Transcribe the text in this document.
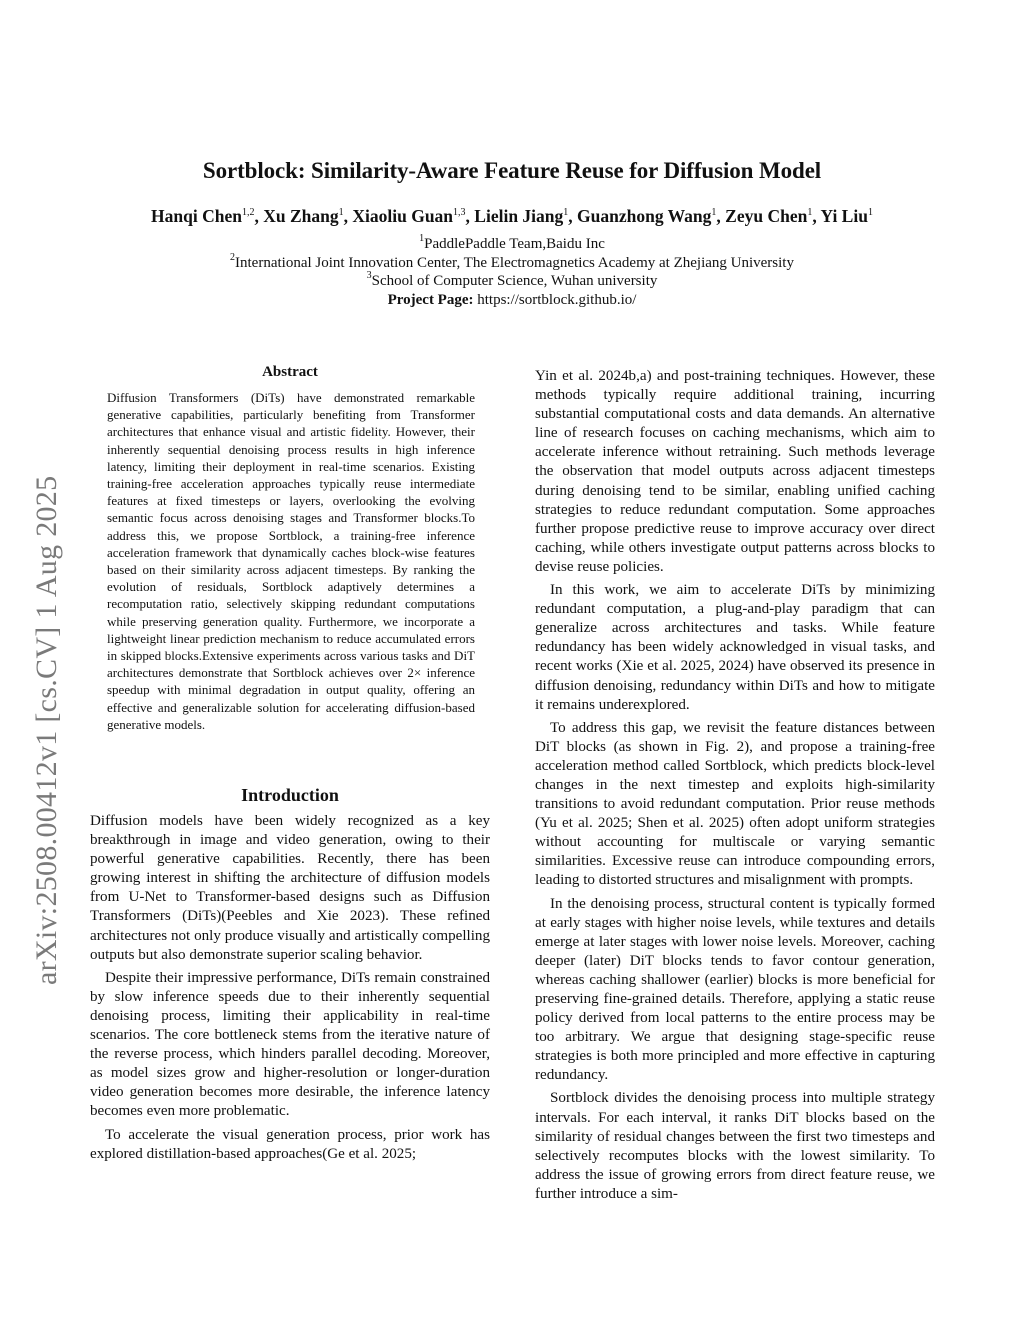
Sortblock: Similarity-Aware Feature Reuse for Diffusion Model
Hanqi Chen$^{1,2}$, Xu Zhang$^1$, Xiaoliu Guan$^{1,3}$, Lielin Jiang$^1$, Guanzhong Wang$^1$, Zeyu Chen$^1$, Yi Liu$^1$
$^1$PaddlePaddle Team,Baidu Inc
$^2$International Joint Innovation Center, The Electromagnetics Academy at Zhejiang University
$^3$School of Computer Science, Wuhan university
Project Page: https://sortblock.github.io/
arXiv:2508.00412v1 [cs.CV] 1 Aug 2025
Abstract
Diffusion Transformers (DiTs) have demonstrated remarkable generative capabilities, particularly benefiting from Transformer architectures that enhance visual and artistic fidelity. However, their inherently sequential denoising process results in high inference latency, limiting their deployment in real-time scenarios. Existing training-free acceleration approaches typically reuse intermediate features at fixed timesteps or layers, overlooking the evolving semantic focus across denoising stages and Transformer blocks.To address this, we propose Sortblock, a training-free inference acceleration framework that dynamically caches block-wise features based on their similarity across adjacent timesteps. By ranking the evolution of residuals, Sortblock adaptively determines a recomputation ratio, selectively skipping redundant computations while preserving generation quality. Furthermore, we incorporate a lightweight linear prediction mechanism to reduce accumulated errors in skipped blocks.Extensive experiments across various tasks and DiT architectures demonstrate that Sortblock achieves over 2× inference speedup with minimal degradation in output quality, offering an effective and generalizable solution for accelerating diffusion-based generative models.
Introduction

Diffusion models have been widely recognized as a key breakthrough in image and video generation, owing to their powerful generative capabilities. Recently, there has been growing interest in shifting the architecture of diffusion models from U-Net to Transformer-based designs such as Diffusion Transformers (DiTs)(Peebles and Xie 2023). These refined architectures not only produce visually and artistically compelling outputs but also demonstrate superior scaling behavior.

Despite their impressive performance, DiTs remain constrained by slow inference speeds due to their inherently sequential denoising process, limiting their applicability in real-time scenarios. The core bottleneck stems from the iterative nature of the reverse process, which hinders parallel decoding. Moreover, as model sizes grow and higher-resolution or longer-duration video generation becomes more desirable, the inference latency becomes even more problematic.

To accelerate the visual generation process, prior work has explored distillation-based approaches(Ge et al. 2025;

Yin et al. 2024b,a) and post-training techniques. However, these methods typically require additional training, incurring substantial computational costs and data demands. An alternative line of research focuses on caching mechanisms, which aim to accelerate inference without retraining. Such methods leverage the observation that model outputs across adjacent timesteps during denoising tend to be similar, enabling unified caching strategies to reduce redundant computation. Some approaches further propose predictive reuse to improve accuracy over direct caching, while others investigate output patterns across blocks to devise reuse policies.

In this work, we aim to accelerate DiTs by minimizing redundant computation, a plug-and-play paradigm that can generalize across architectures and tasks. While feature redundancy has been widely acknowledged in visual tasks, and recent works (Xie et al. 2025, 2024) have observed its presence in diffusion denoising, redundancy within DiTs and how to mitigate it remains underexplored.

To address this gap, we revisit the feature distances between DiT blocks (as shown in Fig. 2), and propose a training-free acceleration method called Sortblock, which predicts block-level changes in the next timestep and exploits high-similarity transitions to avoid redundant computation. Prior reuse methods (Yu et al. 2025; Shen et al. 2025) often adopt uniform strategies without accounting for multiscale or varying semantic similarities. Excessive reuse can introduce compounding errors, leading to distorted structures and misalignment with prompts.

In the denoising process, structural content is typically formed at early stages with higher noise levels, while textures and details emerge at later stages with lower noise levels. Moreover, caching deeper (later) DiT blocks tends to favor contour generation, whereas caching shallower (earlier) blocks is more beneficial for preserving fine-grained details. Therefore, applying a static reuse policy derived from local patterns to the entire process may be too arbitrary. We argue that designing stage-specific reuse strategies is both more principled and more effective in capturing redundancy.

Sortblock divides the denoising process into multiple strategy intervals. For each interval, it ranks DiT blocks based on the similarity of residual changes between the first two timesteps and selectively recomputes blocks with the lowest similarity. To address the issue of growing errors from direct feature reuse, we further introduce a sim-
